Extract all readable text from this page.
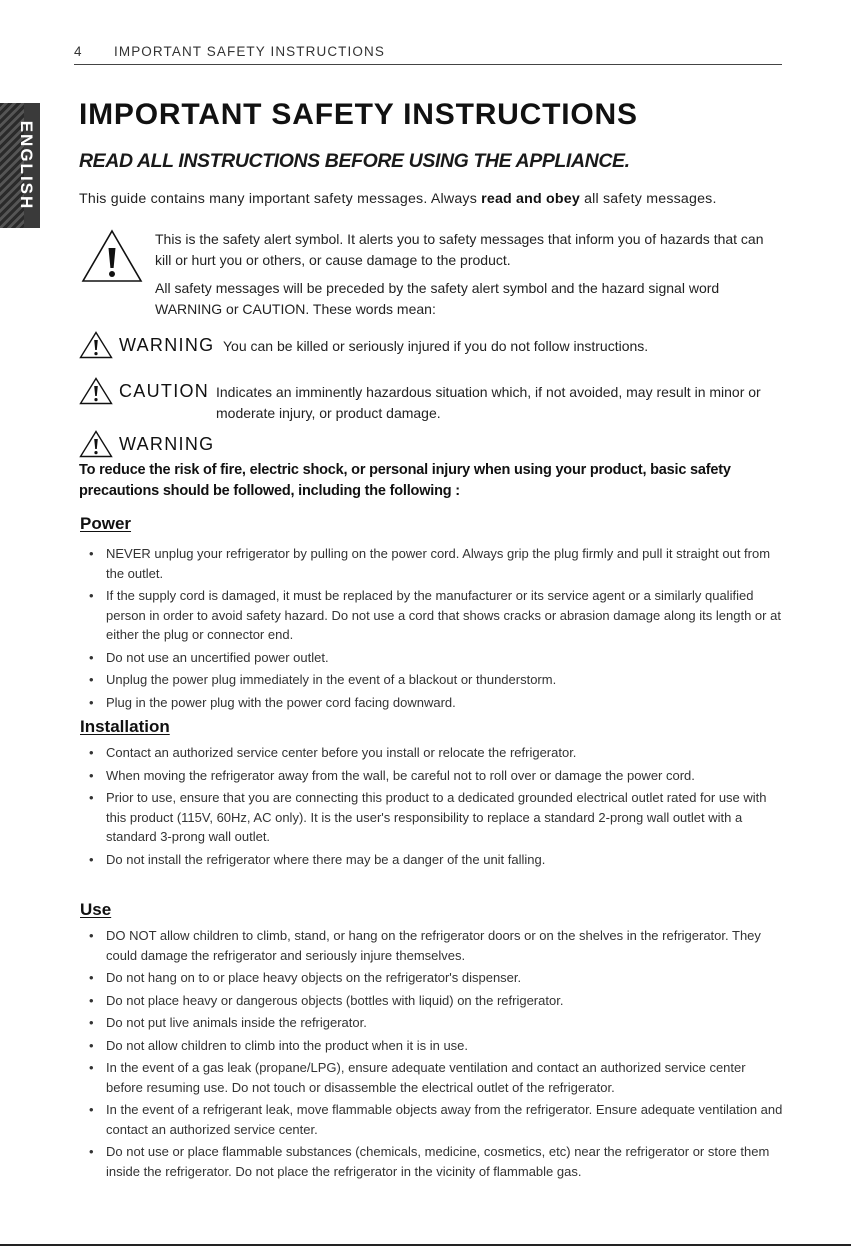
4 IMPORTANT SAFETY INSTRUCTIONS
ENGLISH
IMPORTANT SAFETY INSTRUCTIONS
READ ALL INSTRUCTIONS BEFORE USING THE APPLIANCE.
This guide contains many important safety messages. Always read and obey all safety messages.
This is the safety alert symbol. It alerts you to safety messages that inform you of hazards that can kill or hurt you or others, or cause damage to the product.
All safety messages will be preceded by the safety alert symbol and the hazard signal word WARNING or CAUTION. These words mean:
WARNING You can be killed or seriously injured if you do not follow instructions.
CAUTION Indicates an imminently hazardous situation which, if not avoided, may result in minor or moderate injury, or product damage.
WARNING
To reduce the risk of fire, electric shock, or personal injury when using your product, basic safety precautions should be followed, including the following :
Power
• NEVER unplug your refrigerator by pulling on the power cord. Always grip the plug firmly and pull it straight out from the outlet.
• If the supply cord is damaged, it must be replaced by the manufacturer or its service agent or a similarly qualified person in order to avoid safety hazard. Do not use a cord that shows cracks or abrasion damage along its length or at either the plug or connector end.
• Do not use an uncertified power outlet.
• Unplug the power plug immediately in the event of a blackout or thunderstorm.
• Plug in the power plug with the power cord facing downward.
Installation
• Contact an authorized service center before you install or relocate the refrigerator.
• When moving the refrigerator away from the wall, be careful not to roll over or damage the power cord.
• Prior to use, ensure that you are connecting this product to a dedicated grounded electrical outlet rated for use with this product (115V, 60Hz, AC only). It is the user's responsibility to replace a standard 2-prong wall outlet with a standard 3-prong wall outlet.
• Do not install the refrigerator where there may be a danger of the unit falling.
Use
• DO NOT allow children to climb, stand, or hang on the refrigerator doors or on the shelves in the refrigerator. They could damage the refrigerator and seriously injure themselves.
• Do not hang on to or place heavy objects on the refrigerator's dispenser.
• Do not place heavy or dangerous objects (bottles with liquid) on the refrigerator.
• Do not put live animals inside the refrigerator.
• Do not allow children to climb into the product when it is in use.
• In the event of a gas leak (propane/LPG), ensure adequate ventilation and contact an authorized service center before resuming use. Do not touch or disassemble the electrical outlet of the refrigerator.
• In the event of a refrigerant leak, move flammable objects away from the refrigerator. Ensure adequate ventilation and contact an authorized service center.
• Do not use or place flammable substances (chemicals, medicine, cosmetics, etc) near the refrigerator or store them inside the refrigerator. Do not place the refrigerator in the vicinity of flammable gas.
